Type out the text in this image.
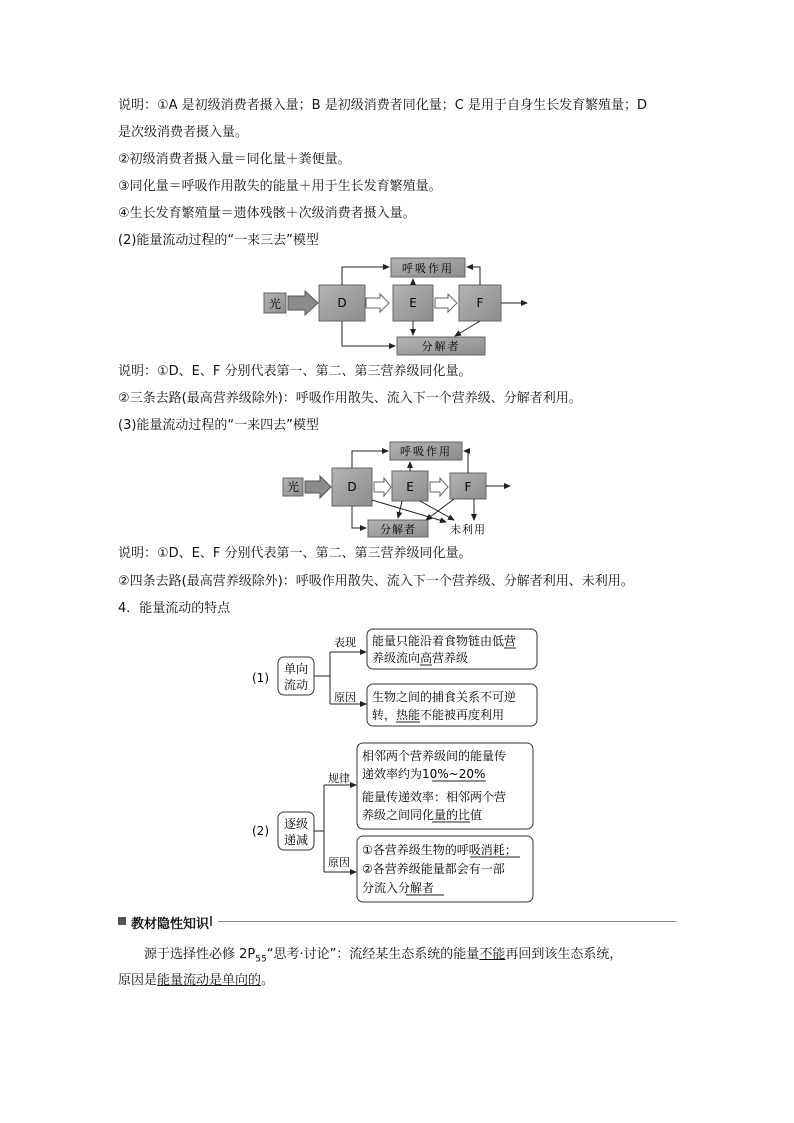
说明：①A 是初级消费者摄入量；B 是初级消费者同化量；C 是用于自身生长发育繁殖量；D
是次级消费者摄入量。
②初级消费者摄入量＝同化量＋粪便量。
③同化量＝呼吸作用散失的能量＋用于生长发育繁殖量。
④生长发育繁殖量＝遗体残骸＋次级消费者摄入量。
(2)能量流动过程的“一来三去”模型
光	D	E	F
呼吸作用
分解者
说明：①D、E、F 分别代表第一、第二、第三营养级同化量。
②三条去路(最高营养级除外)：呼吸作用散失、流入下一个营养级、分解者利用。
(3)能量流动过程的“一来四去”模型
光	D	E	F
呼吸作用
分解者	未利用
说明：①D、E、F 分别代表第一、第二、第三营养级同化量。
②四条去路(最高营养级除外)：呼吸作用散失、流入下一个营养级、分解者利用、未利用。
4．能量流动的特点
(1)
单向
流动
表现
原因
能量只能沿着食物链由低营
养级流向高营养级
生物之间的捕食关系不可逆
转，热能不能被再度利用
(2) 逐级
递减
规律
原因
相邻两个营养级间的能量传
递效率约为10%~20%
能量传递效率：相邻两个营
养级之间同化量的比值
①各营养级生物的呼吸消耗；
②各营养级能量都会有一部
分流入分解者
教材隐性知识
源于选择性必修 $2P_{55}“$思考·讨论”：流经某生态系统的能量不能再回到该生态系统，
原因是能量流动是单向的。
